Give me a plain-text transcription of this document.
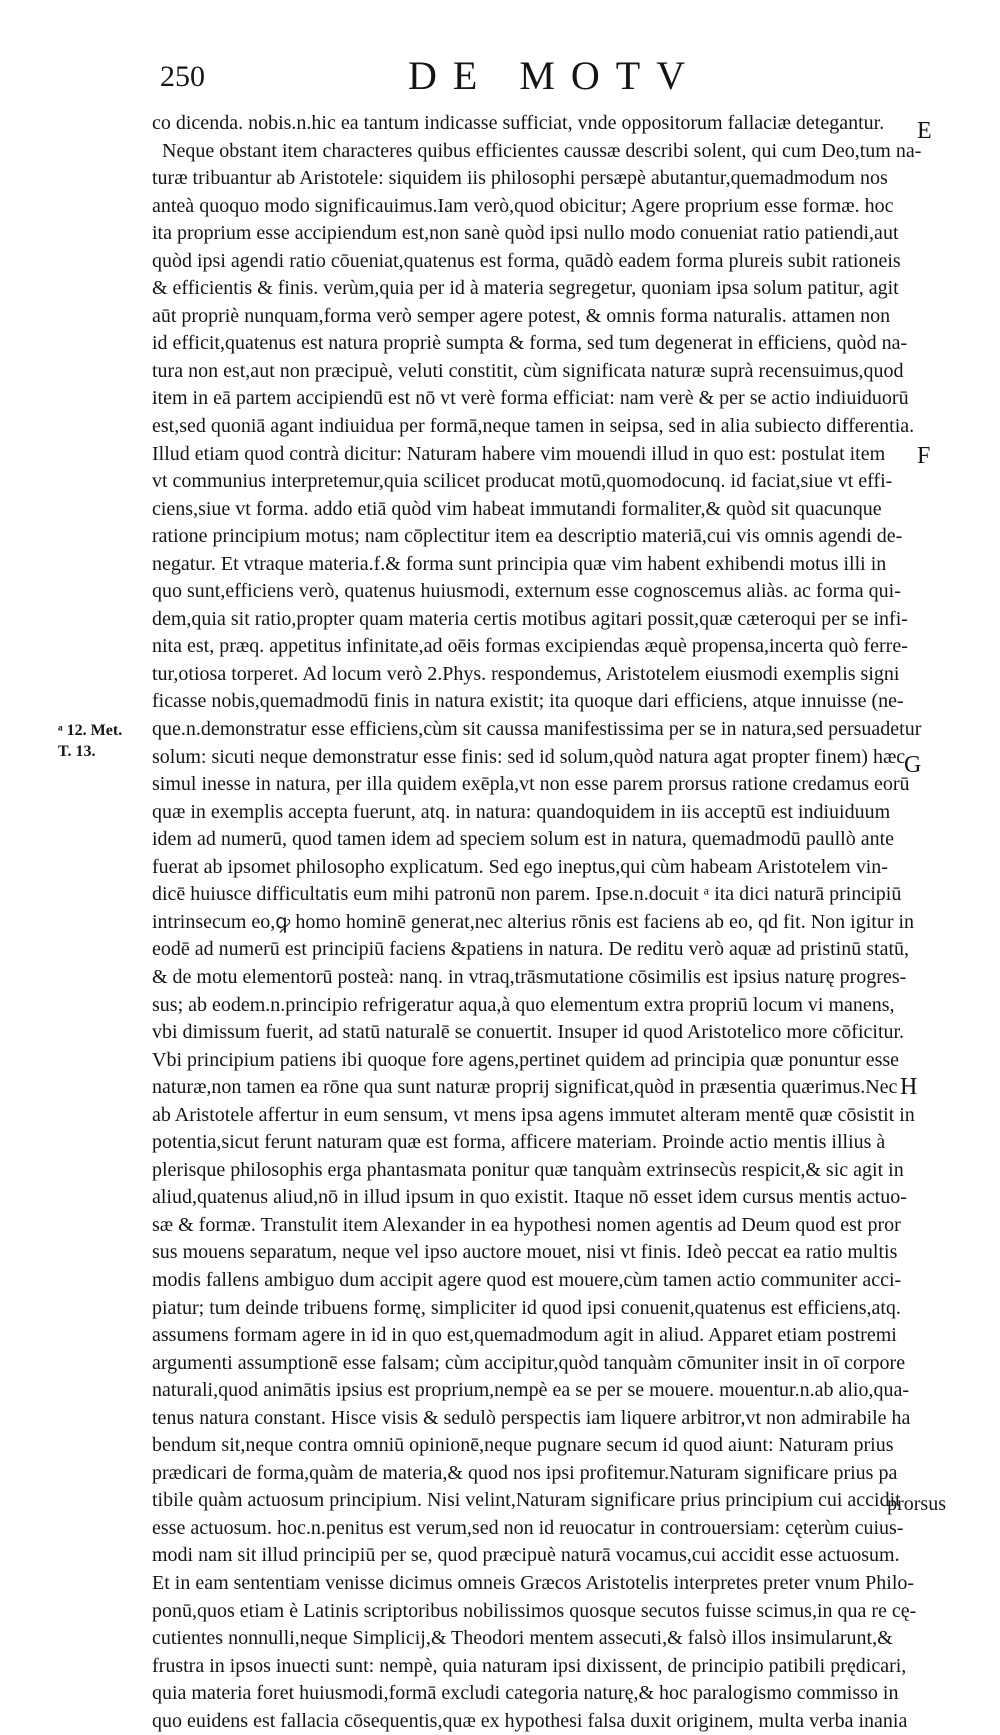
250	DE MOTV
E
F
G
H
ᵃ 12. Met.
T. 13.
co dicenda. nobis.n.hic ea tantum indicasse sufficiat, vnde oppositorum fallaciæ detegantur.
Neque obstant item characteres quibus efficientes caussæ describi solent, qui cum Deo,tum na-
turæ tribuantur ab Aristotele: siquidem iis philosophi persæpè abutantur,quemadmodum nos
anteà quoquo modo significauimus.Iam verò,quod obicitur; Agere proprium esse formæ. hoc
ita proprium esse accipiendum est,non sanè quòd ipsi nullo modo conueniat ratio patiendi,aut
quòd ipsi agendi ratio cōueniat,quatenus est forma, quādò eadem forma plureis subit rationeis
& efficientis & finis. verùm,quia per id à materia segregetur, quoniam ipsa solum patitur, agit
aūt propriè nunquam,forma verò semper agere potest, & omnis forma naturalis. attamen non
id efficit,quatenus est natura propriè sumpta & forma, sed tum degenerat in efficiens, quòd na-
tura non est,aut non præcipuè, veluti constitit, cùm significata naturæ suprà recensuimus,quod
item in eā partem accipiendū est nō vt verè forma efficiat: nam verè & per se actio indiuiduorū
est,sed quoniā agant indiuidua per formā,neque tamen in seipsa, sed in alia subiecto differentia.
Illud etiam quod contrà dicitur: Naturam habere vim mouendi illud in quo est: postulat item
vt communius interpretemur,quia scilicet producat motū,quomodocunq. id faciat,siue vt effi-
ciens,siue vt forma. addo etiā quòd vim habeat immutandi formaliter,& quòd sit quacunque
ratione principium motus; nam cōplectitur item ea descriptio materiā,cui vis omnis agendi de-
negatur. Et vtraque materia.f.& forma sunt principia quæ vim habent exhibendi motus illi in
quo sunt,efficiens verò, quatenus huiusmodi, externum esse cognoscemus aliàs. ac forma qui-
dem,quia sit ratio,propter quam materia certis motibus agitari possit,quæ cæteroqui per se infi-
nita est, præq. appetitus infinitate,ad oēis formas excipiendas æquè propensa,incerta quò ferre-
tur,otiosa torperet. Ad locum verò 2.Phys. respondemus, Aristotelem eiusmodi exemplis signi
ficasse nobis,quemadmodū finis in natura existit; ita quoque dari efficiens, atque innuisse (ne-
que.n.demonstratur esse efficiens,cùm sit caussa manifestissima per se in natura,sed persuadetur
solum: sicuti neque demonstratur esse finis: sed id solum,quòd natura agat propter finem) hæc
simul inesse in natura, per illa quidem exēpla,vt non esse parem prorsus ratione credamus eorū
quæ in exemplis accepta fuerunt, atq. in natura: quandoquidem in iis acceptū est indiuiduum
idem ad numerū, quod tamen idem ad speciem solum est in natura, quemadmodū paullò ante
fuerat ab ipsomet philosopho explicatum. Sed ego ineptus,qui cùm habeam Aristotelem vin-
dicē huiusce difficultatis eum mihi patronū non parem. Ipse.n.docuit ᵃ ita dici naturā principiū
intrinsecum eo,ꝙ homo hominē generat,nec alterius rōnis est faciens ab eo, qd fit. Non igitur in
eodē ad numerū est principiū faciens &patiens in natura. De reditu verò aquæ ad pristinū statū,
& de motu elementorū posteà: nanq. in vtraq,trāsmutatione cōsimilis est ipsius naturę progres-
sus; ab eodem.n.principio refrigeratur aqua,à quo elementum extra propriū locum vi manens,
vbi dimissum fuerit, ad statū naturalē se conuertit. Insuper id quod Aristotelico more cōficitur.
Vbi principium patiens ibi quoque fore agens,pertinet quidem ad principia quæ ponuntur esse
naturæ,non tamen ea rōne qua sunt naturæ proprij significat,quòd in præsentia quærimus.Nec
ab Aristotele affertur in eum sensum, vt mens ipsa agens immutet alteram mentē quæ cōsistit in
potentia,sicut ferunt naturam quæ est forma, afficere materiam. Proinde actio mentis illius à
plerisque philosophis erga phantasmata ponitur quæ tanquàm extrinsecùs respicit,& sic agit in
aliud,quatenus aliud,nō in illud ipsum in quo existit. Itaque nō esset idem cursus mentis actuo-
sæ & formæ. Transtulit item Alexander in ea hypothesi nomen agentis ad Deum quod est pror
sus mouens separatum, neque vel ipso auctore mouet, nisi vt finis. Ideò peccat ea ratio multis
modis fallens ambiguo dum accipit agere quod est mouere,cùm tamen actio communiter acci-
piatur; tum deinde tribuens formę, simpliciter id quod ipsi conuenit,quatenus est efficiens,atq.
assumens formam agere in id in quo est,quemadmodum agit in aliud. Apparet etiam postremi
argumenti assumptionē esse falsam; cùm accipitur,quòd tanquàm cōmuniter insit in oī corpore
naturali,quod animātis ipsius est proprium,nempè ea se per se mouere. mouentur.n.ab alio,qua-
tenus natura constant. Hisce visis & sedulò perspectis iam liquere arbitror,vt non admirabile ha
bendum sit,neque contra omniū opinionē,neque pugnare secum id quod aiunt: Naturam prius
prædicari de forma,quàm de materia,& quod nos ipsi profitemur.Naturam significare prius pa
tibile quàm actuosum principium. Nisi velint,Naturam significare prius principium cui accidit
esse actuosum. hoc.n.penitus est verum,sed non id reuocatur in controuersiam: cęterùm cuius-
modi nam sit illud principiū per se, quod præcipuè naturā vocamus,cui accidit esse actuosum.
Et in eam sententiam venisse dicimus omneis Græcos Aristotelis interpretes preter vnum Philo-
ponū,quos etiam è Latinis scriptoribus nobilissimos quosque secutos fuisse scimus,in qua re cę-
cutientes nonnulli,neque Simplicij,& Theodori mentem assecuti,& falsò illos insimularunt,&
frustra in ipsos inuecti sunt: nempè, quia naturam ipsi dixissent, de principio patibili prędicari,
quia materia foret huiusmodi,formā excludi categoria naturę,& hoc paralogismo commisso in
quo euidens est fallacia cōsequentis,quæ ex hypothesi falsa duxit originem, multa verba inania
prorsus
